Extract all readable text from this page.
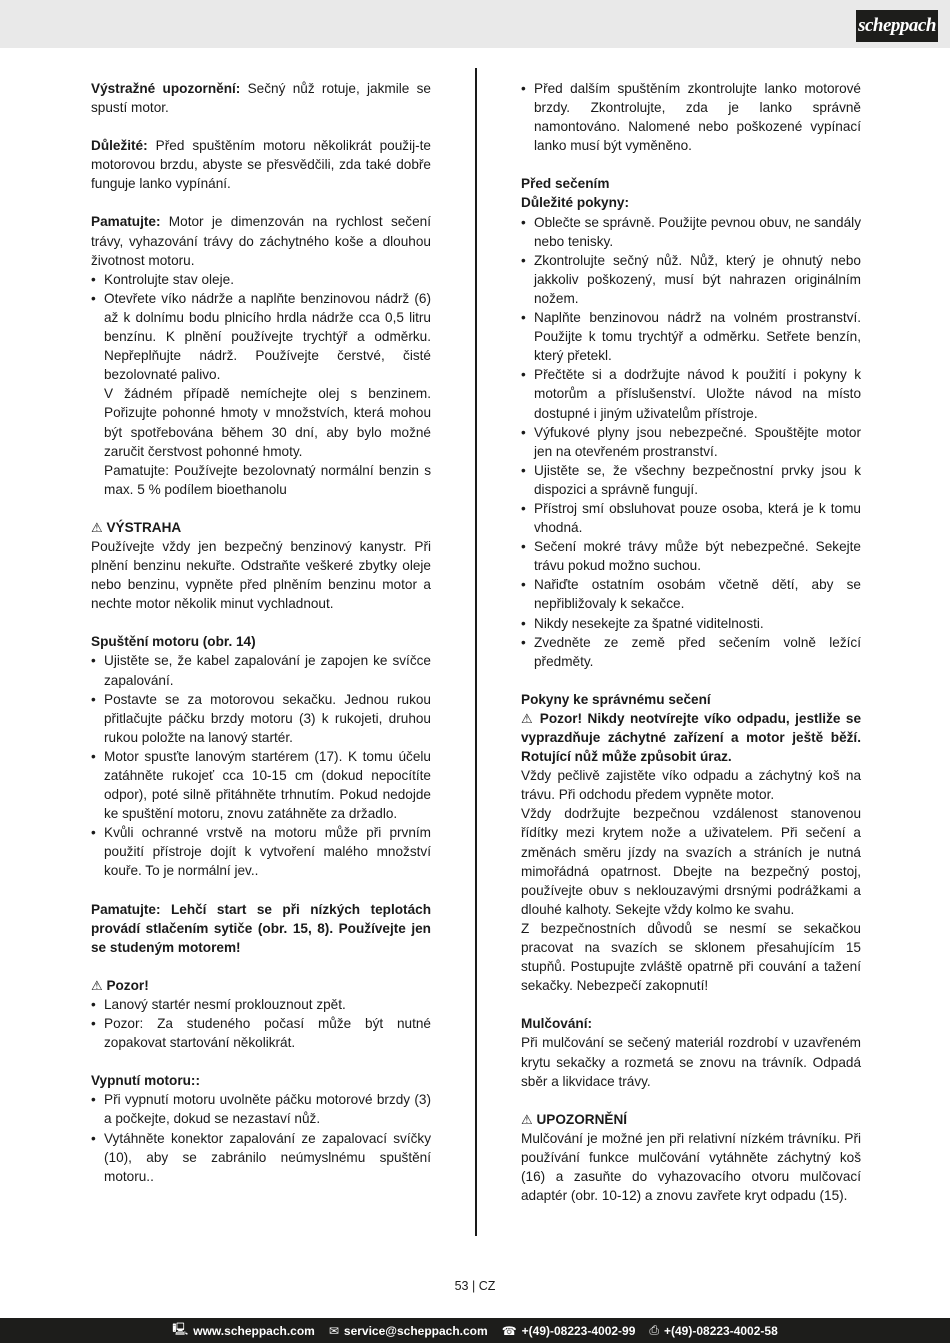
scheppach

Výstražné upozornění: Sečný nůž rotuje, jakmile se spustí motor.

Důležité: Před spuštěním motoru několikrát použij-te motorovou brzdu, abyste se přesvědčili, zda také dobře funguje lanko vypínání.

Pamatujte: Motor je dimenzován na rychlost sečení trávy, vyhazování trávy do záchytného koše a dlouhou životnost motoru.

• Kontrolujte stav oleje.
• Otevřete víko nádrže a naplňte benzinovou nádrž (6) až k dolnímu bodu plnicího hrdla nádrže cca 0,5 litru benzínu. K plnění používejte trychtýř a odměrku. Nepřeplňujte nádrž. Používejte čerstvé, čisté bezolovnaté palivo.

V žádném případě nemíchejte olej s benzinem. Pořizujte pohonné hmoty v množstvích, která mohou být spotřebována během 30 dní, aby bylo možné zaručit čerstvost pohonné hmoty.

Pamatujte: Používejte bezolovnatý normální benzin s max. 5 % podílem bioethanolu

⚠ VÝSTRAHA

Používejte vždy jen bezpečný benzinový kanystr. Při plnění benzinu nekuřte. Odstraňte veškeré zbytky oleje nebo benzinu, vypněte před plněním benzinu motor a nechte motor několik minut vychladnout.

Spuštění motoru (obr. 14)

• Ujistěte se, že kabel zapalování je zapojen ke svíčce zapalování.
• Postavte se za motorovou sekačku. Jednou rukou přitlačujte páčku brzdy motoru (3) k rukojeti, druhou rukou položte na lanový startér.
• Motor spusťte lanovým startérem (17). K tomu účelu zatáhněte rukojeť cca 10-15 cm (dokud nepocítíte odpor), poté silně přitáhněte trhnutím. Pokud nedojde ke spuštění motoru, znovu zatáhněte za držadlo.
• Kvůli ochranné vrstvě na motoru může při prvním použití přístroje dojít k vytvoření malého množství kouře. To je normální jev..

Pamatujte: Lehčí start se při nízkých teplotách provádí stlačením sytiče (obr. 15, 8). Používejte jen se studeným motorem!

⚠ Pozor!

• Lanový startér nesmí proklouznout zpět.
• Pozor: Za studeného počasí může být nutné zopakovat startování několikrát.

Vypnutí motoru::

• Při vypnutí motoru uvolněte páčku motorové brzdy (3) a počkejte, dokud se nezastaví nůž.
• Vytáhněte konektor zapalování ze zapalovací svíčky (10), aby se zabránilo neúmyslnému spuštění motoru..
• Před dalším spuštěním zkontrolujte lanko motorové brzdy. Zkontrolujte, zda je lanko správně namontováno. Nalomené nebo poškozené vypínací lanko musí být vyměněno.

Před sečením

Důležité pokyny:

• Oblečte se správně. Použijte pevnou obuv, ne sandály nebo tenisky.
• Zkontrolujte sečný nůž. Nůž, který je ohnutý nebo jakkoliv poškozený, musí být nahrazen originálním nožem.
• Naplňte benzinovou nádrž na volném prostranství. Použijte k tomu trychtýř a odměrku. Setřete benzín, který přetekl.
• Přečtěte si a dodržujte návod k použití i pokyny k motorům a příslušenství. Uložte návod na místo dostupné i jiným uživatelům přístroje.
• Výfukové plyny jsou nebezpečné. Spouštějte motor jen na otevřeném prostranství.
• Ujistěte se, že všechny bezpečnostní prvky jsou k dispozici a správně fungují.
• Přístroj smí obsluhovat pouze osoba, která je k tomu vhodná.
• Sečení mokré trávy může být nebezpečné. Sekejte trávu pokud možno suchou.
• Nařiďte ostatním osobám včetně dětí, aby se nepřibližovaly k sekačce.
• Nikdy nesekejte za špatné viditelnosti.
• Zvedněte ze země před sečením volně ležící předměty.

Pokyny ke správnému sečení

⚠ Pozor! Nikdy neotvírejte víko odpadu, jestliže se vyprazdňuje záchytné zařízení a motor ještě běží. Rotující nůž může způsobit úraz.

Vždy pečlivě zajistěte víko odpadu a záchytný koš na trávu. Při odchodu předem vypněte motor.

Vždy dodržujte bezpečnou vzdálenost stanovenou řídítky mezi krytem nože a uživatelem. Při sečení a změnách směru jízdy na svazích a stráních je nutná mimořádná opatrnost. Dbejte na bezpečný postoj, používejte obuv s neklouzavými drsnými podrážkami a dlouhé kalhoty. Sekejte vždy kolmo ke svahu.

Z bezpečnostních důvodů se nesmí se sekačkou pracovat na svazích se sklonem přesahujícím 15 stupňů. Postupujte zvláště opatrně při couvání a tažení sekačky. Nebezpečí zakopnutí!

Mulčování:

Při mulčování se sečený materiál rozdrobí v uzavřeném krytu sekačky a rozmetá se znovu na trávník. Odpadá sběr a likvidace trávy.

⚠ UPOZORNĚNÍ

Mulčování je možné jen při relativní nízkém trávníku. Při používání funkce mulčování vytáhněte záchytný koš (16) a zasuňte do vyhazovacího otvoru mulčovací adaptér (obr. 10-12) a znovu zavřete kryt odpadu (15).

53 | CZ
🖳 www.scheppach.com ✉ service@scheppach.com ☎ +(49)-08223-4002-99 ⎙ +(49)-08223-4002-58
